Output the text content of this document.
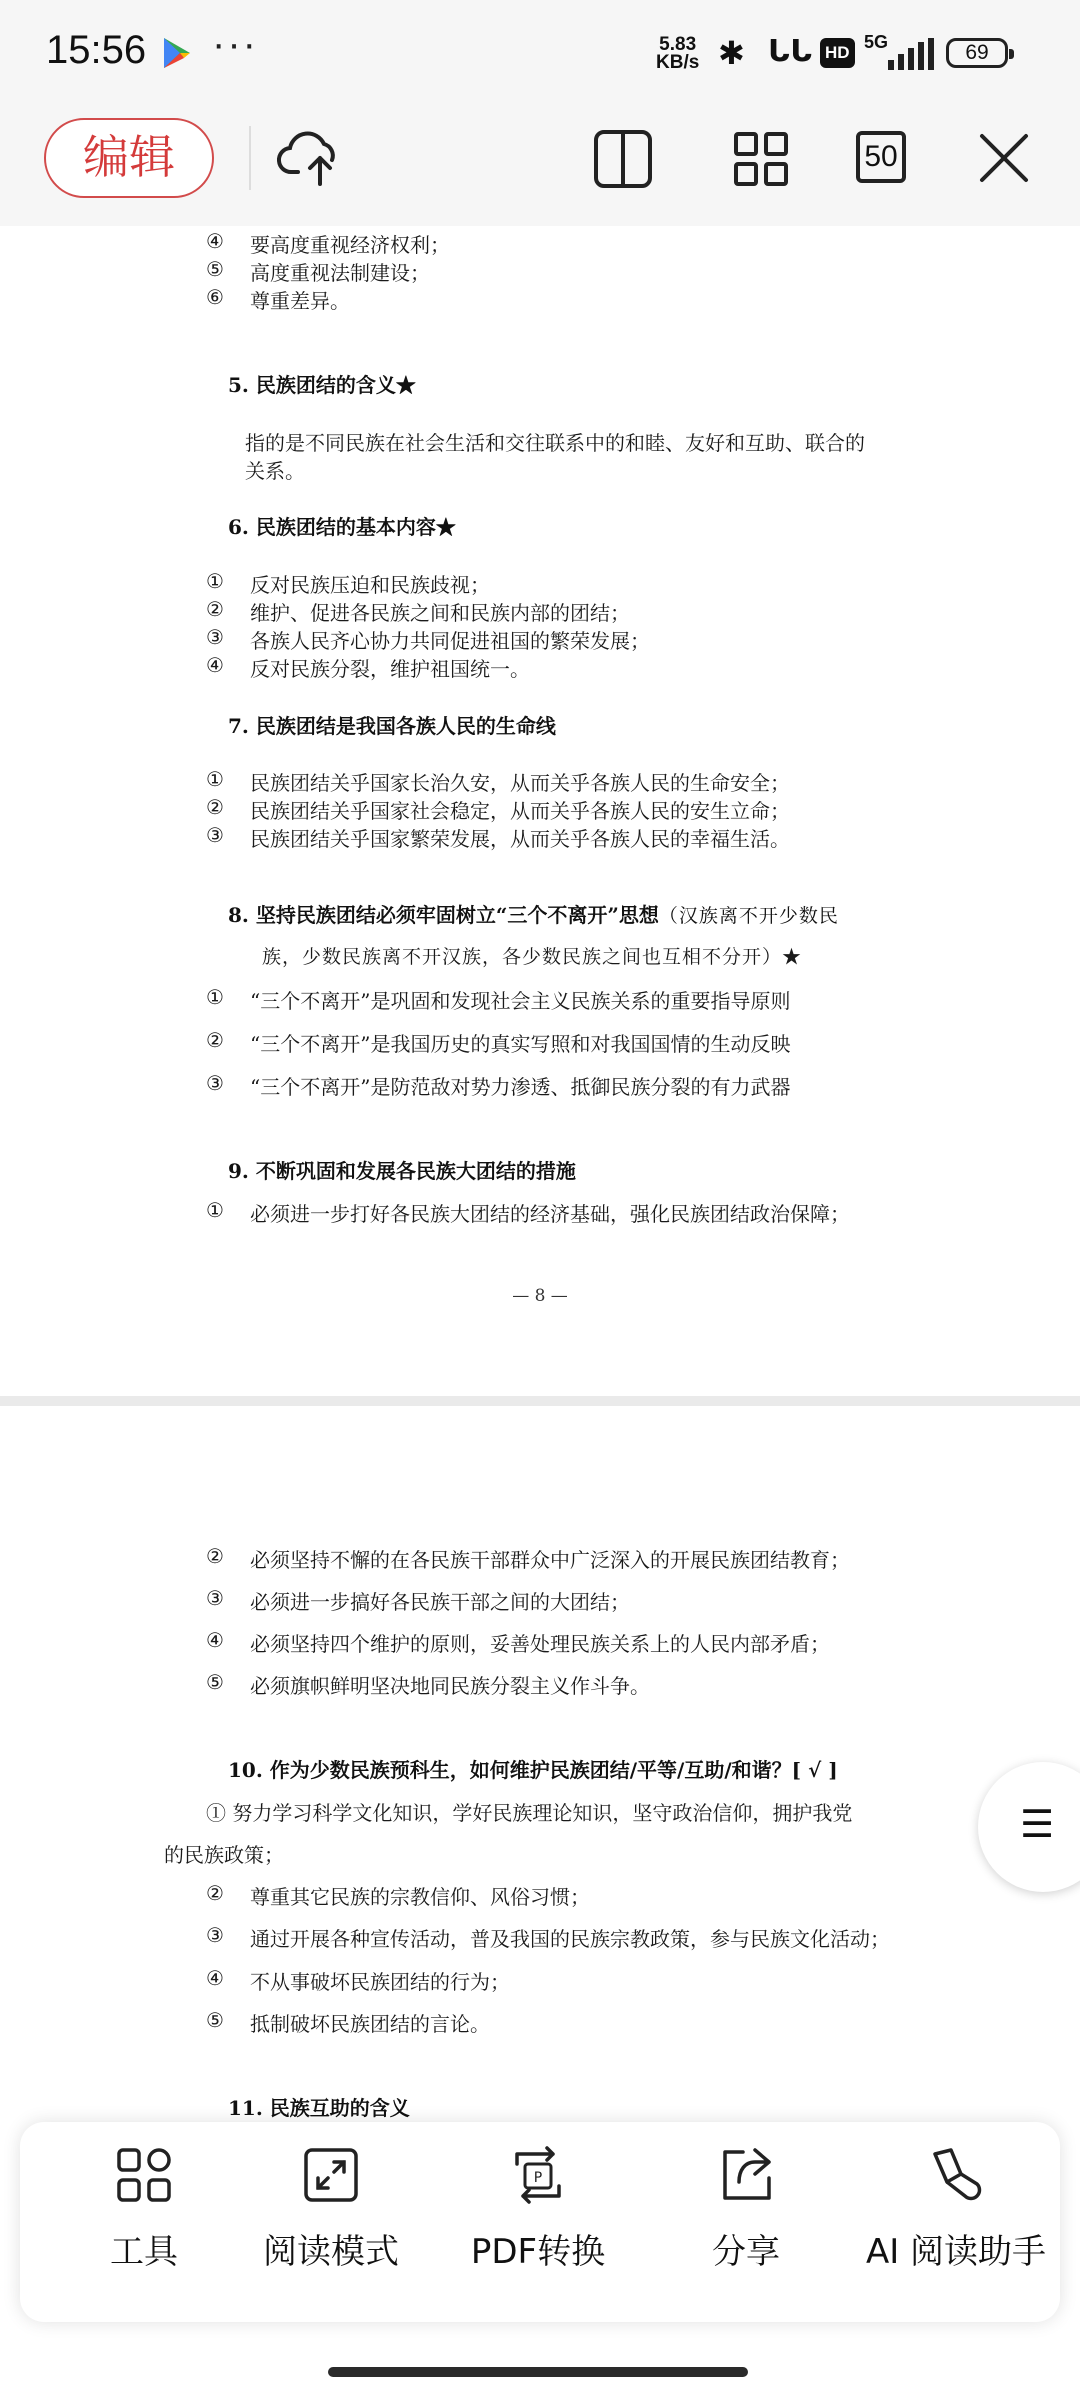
15:56 ···	5.83
KB/s ✱ ᒐᒐ HD
5G	69
编辑	50
④ 要高度重视经济权利；
⑤ 高度重视法制建设；
⑥ 尊重差异。
5. 民族团结的含义★
指的是不同民族在社会生活和交往联系中的和睦、友好和互助、联合的
关系。
6. 民族团结的基本内容★
① 反对民族压迫和民族歧视；
② 维护、促进各民族之间和民族内部的团结；
③ 各族人民齐心协力共同促进祖国的繁荣发展；
④ 反对民族分裂，维护祖国统一。
7. 民族团结是我国各族人民的生命线
① 民族团结关乎国家长治久安，从而关乎各族人民的生命安全；
② 民族团结关乎国家社会稳定，从而关乎各族人民的安生立命；
③ 民族团结关乎国家繁荣发展，从而关乎各族人民的幸福生活。
8. 坚持民族团结必须牢固树立“三个不离开”思想（汉族离不开少数民
族，少数民族离不开汉族，各少数民族之间也互相不分开）★
① “三个不离开”是巩固和发现社会主义民族关系的重要指导原则
② “三个不离开”是我国历史的真实写照和对我国国情的生动反映
③ “三个不离开”是防范敌对势力渗透、抵御民族分裂的有力武器
9. 不断巩固和发展各民族大团结的措施
① 必须进一步打好各民族大团结的经济基础，强化民族团结政治保障；
— 8 —
② 必须坚持不懈的在各民族干部群众中广泛深入的开展民族团结教育；
③ 必须进一步搞好各民族干部之间的大团结；
④ 必须坚持四个维护的原则，妥善处理民族关系上的人民内部矛盾；
⑤ 必须旗帜鲜明坚决地同民族分裂主义作斗争。
10. 作为少数民族预科生，如何维护民族团结/平等/互助/和谐？[ √ ]
① 努力学习科学文化知识，学好民族理论知识，坚守政治信仰，拥护我党
的民族政策；
② 尊重其它民族的宗教信仰、风俗习惯；
③ 通过开展各种宣传活动，普及我国的民族宗教政策，参与民族文化活动；
④ 不从事破坏民族团结的行为；
⑤ 抵制破坏民族团结的言论。
11. 民族互助的含义
☰
工具	阅读模式
P
PDF转换	分享	AI 阅读助手
